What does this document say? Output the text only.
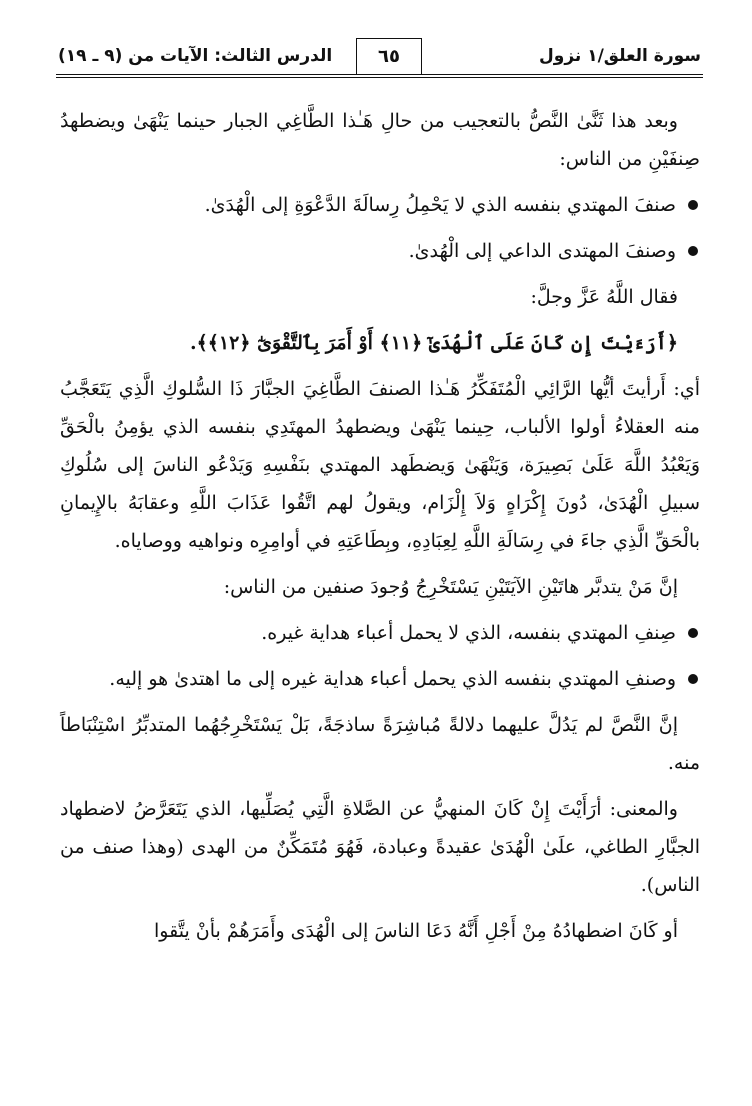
سورة العلق/١ نزول
٦٥
الدرس الثالث: الآيات من (٩ ـ ١٩)

وبعد هذا ثَنَّىٰ النَّصُّ بالتعجيب من حالِ هَـٰذا الطَّاغِي الجبار حينما يَنْهَىٰ ويضطهدُ صِنفَيْنِ من الناس:

صنفَ المهتدي بنفسه الذي لا يَحْمِلُ رِسالَةَ الدَّعْوَةِ إلى الْهُدَىٰ.
وصنفَ المهتدى الداعي إلى الْهُدىٰ.

فقال اللَّهُ عَزَّ وجلَّ:

﴿أَرَءَيْتَ إِن كَانَ عَلَى ٱلْهُدَىٰٓ ﴿١١﴾ أَوْ أَمَرَ بِٱلتَّقْوَىٰٓ ﴿١٢﴾﴾.

أي: أَرأيتَ أيُّها الرَّائِي الْمُتَفَكِّرُ هَـٰذا الصنفَ الطَّاغِيَ الجبَّارَ ذَا السُّلوكِ الَّذِي يَتَعَجَّبُ منه العقلاءُ أولوا الألباب، حِينما يَنْهَىٰ ويضطهدُ المهتَدِي بنفسه الذي يؤمِنُ بالْحَقِّ وَيَعْبُدُ اللَّهَ عَلَىٰ بَصِيرَة، وَيَنْهَىٰ وَيضطَهد المهتدي بنَفْسِهِ وَيَدْعُو الناسَ إلى سُلُوكِ سبيلِ الْهُدَىٰ، دُونَ إِكْرَاهٍ وَلاَ إِلْزَام، ويقولُ لهم اتَّقُوا عَذَابَ اللَّهِ وعقابَهُ بالإِيمانِ بالْحَقِّ الَّذِي جاءَ في رِسَالَةِ اللَّهِ لِعِبَادِهِ، وبِطَاعَتِهِ في أوامِرِه ونواهيه ووصاياه.

إنَّ مَنْ يتدبَّر هاتَيْنِ الآيَتَيْنِ يَسْتَخْرِجُ وُجودَ صنفين من الناس:

صِنفِ المهتدي بنفسه، الذي لا يحمل أعباء هداية غيره.
وصنفِ المهتدي بنفسه الذي يحمل أعباء هداية غيره إلى ما اهتدىٰ هو إليه.

إنَّ النَّصَّ لم يَدُلَّ عليهما دلالةً مُباشِرَةً ساذجَةً، بَلْ يَسْتَخْرِجُهُما المتدبِّرُ اسْتِنْبَاطاً منه.

والمعنى: أرَأَيْتَ إِنْ كَانَ المنهيُّ عن الصَّلاةِ الَّتِي يُصَلِّيها، الذي يَتَعَرَّضُ لاضطهاد الجبَّارِ الطاغي، علَىٰ الْهُدَىٰ عقيدةً وعبادة، فَهُوَ مُتَمَكِّنٌ من الهدى (وهذا صنف من الناس).

أو كَانَ اضطهادُهُ مِنْ أَجْلِ أَنَّهُ دَعَا الناسَ إلى الْهُدَى وأَمَرَهُمْ بأنْ يتَّقوا
